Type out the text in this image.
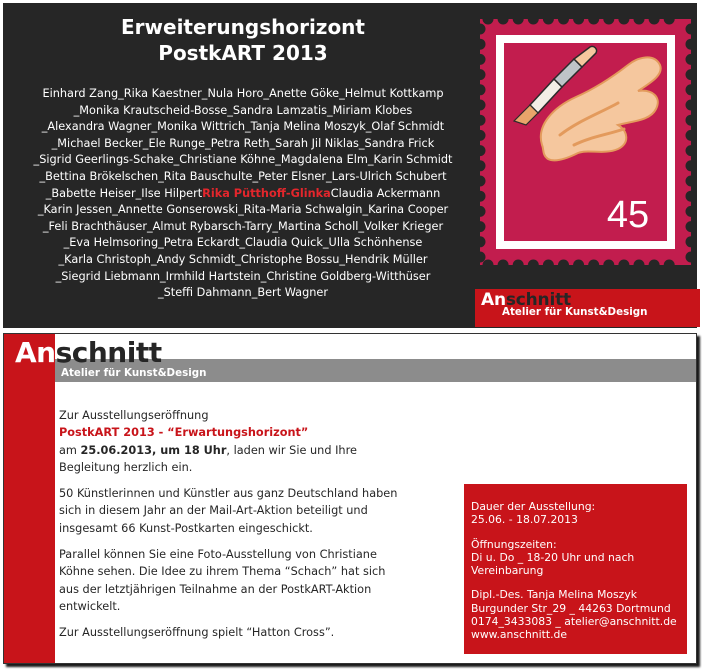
Erweiterungshorizont
PostkART 2013
Einhard Zang_Rika Kaestner_Nula Horo_Anette Göke_Helmut Kottkamp
_Monika Krautscheid-Bosse_Sandra Lamzatis_Miriam Klobes
_Alexandra Wagner_Monika Wittrich_Tanja Melina Moszyk_Olaf Schmidt
_Michael Becker_Ele Runge_Petra Reth_Sarah Jil Niklas_Sandra Frick
_Sigrid Geerlings-Schake_Christiane Köhne_Magdalena Elm_Karin Schmidt
_Bettina Brökelschen_Rita Bauschulte_Peter Elsner_Lars-Ulrich Schubert
_Babette Heiser_Ilse HilpertRika Pütthoff-GlinkaClaudia Ackermann
_Karin Jessen_Annette Gonserowski_Rita-Maria Schwalgin_Karina Cooper
_Feli Brachthäuser_Almut Rybarsch-Tarry_Martina Scholl_Volker Krieger
_Eva Helmsoring_Petra Eckardt_Claudia Quick_Ulla Schönhense
_Karla Christoph_Andy Schmidt_Christophe Bossu_Hendrik Müller
_Siegrid Liebmann_Irmhild Hartstein_Christine Goldberg-Witthüser
_Steffi Dahmann_Bert Wagner
45
Anschnitt
Atelier für Kunst&Design
Anschnitt
Atelier für Kunst&Design

Zur Ausstellungseröffnung

PostkART 2013 - “Erwartungshorizont”

am 25.06.2013, um 18 Uhr, laden wir Sie und Ihre Begleitung herzlich ein.

50 Künstlerinnen und Künstler aus ganz Deutschland haben sich in diesem Jahr an der Mail-Art-Aktion beteiligt und insgesamt 66 Kunst-Postkarten eingeschickt.

Parallel können Sie eine Foto-Ausstellung von Christiane Köhne sehen. Die Idee zu ihrem Thema “Schach” hat sich aus der letztjährigen Teilnahme an der PostkART-Aktion entwickelt.

Zur Ausstellungseröffnung spielt “Hatton Cross”.

Dauer der Ausstellung:

25.06. - 18.07.2013

Öffnungszeiten:

Di u. Do _ 18-20 Uhr und nach

Vereinbarung

Dipl.-Des. Tanja Melina Moszyk

Burgunder Str_29 _ 44263 Dortmund

0174_3433083 _ atelier@anschnitt.de

www.anschnitt.de
